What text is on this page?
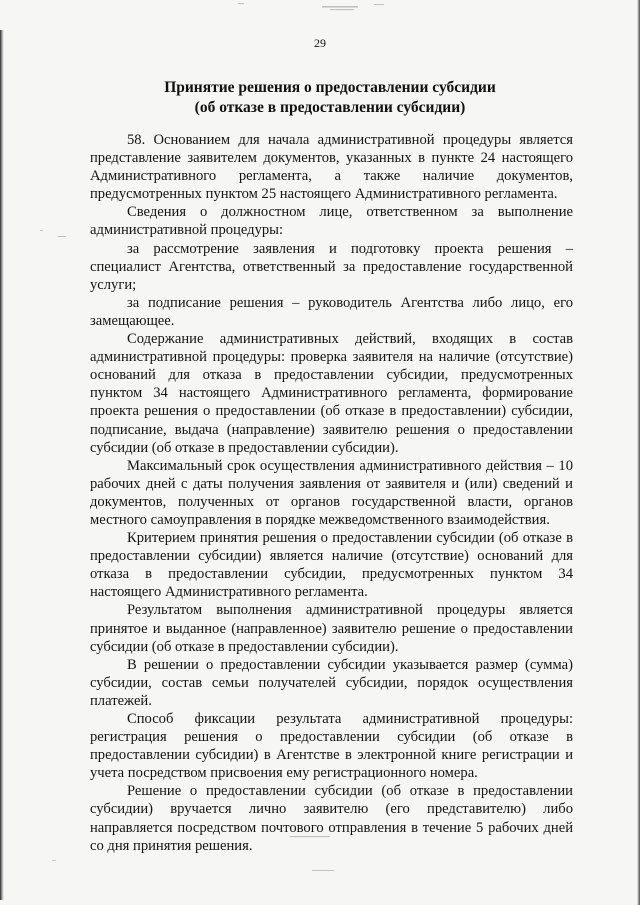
29
Принятие решения о предоставлении субсидии
(об отказе в предоставлении субсидии)

58. Основанием для начала административной процедуры является представление заявителем документов, указанных в пункте 24 настоящего Административного регламента, а также наличие документов, предусмотренных пунктом 25 настоящего Административного регламента.

Сведения о должностном лице, ответственном за выполнение административной процедуры:

за рассмотрение заявления и подготовку проекта решения – специалист Агентства, ответственный за предоставление государственной услуги;

за подписание решения – руководитель Агентства либо лицо, его замещающее.

Содержание административных действий, входящих в состав административной процедуры: проверка заявителя на наличие (отсутствие) оснований для отказа в предоставлении субсидии, предусмотренных пунктом 34 настоящего Административного регламента, формирование проекта решения о предоставлении (об отказе в предоставлении) субсидии, подписание, выдача (направление) заявителю решения о предоставлении субсидии (об отказе в предоставлении субсидии).

Максимальный срок осуществления административного действия – 10 рабочих дней с даты получения заявления от заявителя и (или) сведений и документов, полученных от органов государственной власти, органов местного самоуправления в порядке межведомственного взаимодействия.

Критерием принятия решения о предоставлении субсидии (об отказе в предоставлении субсидии) является наличие (отсутствие) оснований для отказа в предоставлении субсидии, предусмотренных пунктом 34 настоящего Административного регламента.

Результатом выполнения административной процедуры является принятое и выданное (направленное) заявителю решение о предоставлении субсидии (об отказе в предоставлении субсидии).

В решении о предоставлении субсидии указывается размер (сумма) субсидии, состав семьи получателей субсидии, порядок осуществления платежей.

Способ фиксации результата административной процедуры: регистрация решения о предоставлении субсидии (об отказе в предоставлении субсидии) в Агентстве в электронной книге регистрации и учета посредством присвоения ему регистрационного номера.

Решение о предоставлении субсидии (об отказе в предоставлении субсидии) вручается лично заявителю (его представителю) либо направляется посредством почтового отправления в течение 5 рабочих дней со дня принятия решения.
